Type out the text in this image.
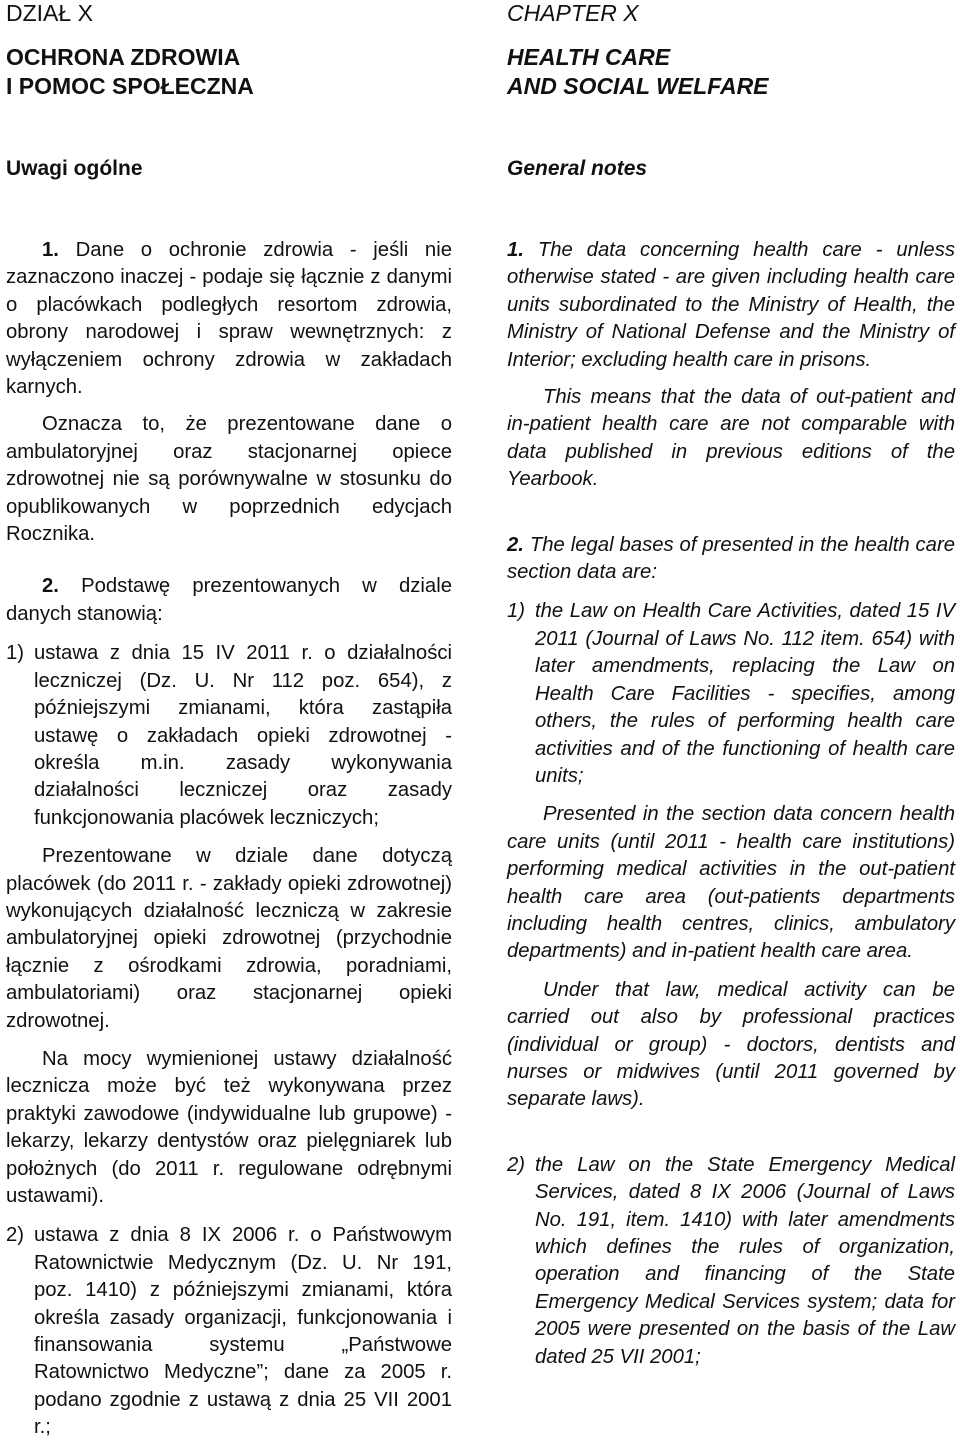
DZIAŁ X
OCHRONA ZDROWIA
I POMOC SPOŁECZNA
Uwagi ogólne

1. Dane o ochronie zdrowia - jeśli nie zaznaczono inaczej - podaje się łącznie z danymi o placówkach podległych resortom zdrowia, obrony narodowej i spraw wewnętrznych: z wyłączeniem ochrony zdrowia w zakładach karnych.

Oznacza to, że prezentowane dane o ambulatoryjnej oraz stacjonarnej opiece zdrowotnej nie są porównywalne w stosunku do opublikowanych w poprzednich edycjach Rocznika.

2. Podstawę prezentowanych w dziale danych stanowią:

1) ustawa z dnia 15 IV 2011 r. o działalności leczniczej (Dz. U. Nr 112 poz. 654), z późniejszymi zmianami, która zastąpiła ustawę o zakładach opieki zdrowotnej - określa m.in. zasady wykonywania działalności leczniczej oraz zasady funkcjonowania placówek leczniczych;

Prezentowane w dziale dane dotyczą placówek (do 2011 r. - zakłady opieki zdrowotnej) wykonujących działalność leczniczą w zakresie ambulatoryjnej opieki zdrowotnej (przychodnie łącznie z ośrodkami zdrowia, poradniami, ambulatoriami) oraz stacjonarnej opieki zdrowotnej.

Na mocy wymienionej ustawy działalność lecznicza może być też wykonywana przez praktyki zawodowe (indywidualne lub grupowe) - lekarzy, lekarzy dentystów oraz pielęgniarek lub położnych (do 2011 r. regulowane odrębnymi ustawami).

2) ustawa z dnia 8 IX 2006 r. o Państwowym Ratownictwie Medycznym (Dz. U. Nr 191, poz. 1410) z późniejszymi zmianami, która określa zasady organizacji, funkcjonowania i finansowania systemu „Państwowe Ratownictwo Medyczne”; dane za 2005 r. podano zgodnie z ustawą z dnia 25 VII 2001 r.;
CHAPTER X
HEALTH CARE
AND SOCIAL WELFARE
General notes

1. The data concerning health care - unless otherwise stated - are given including health care units subordinated to the Ministry of Health, the Ministry of National Defense and the Ministry of Interior; excluding health care in prisons.

This means that the data of out-patient and in-patient health care are not comparable with data published in previous editions of the Yearbook.

2. The legal bases of presented in the health care section data are:

1) the Law on Health Care Activities, dated 15 IV 2011 (Journal of Laws No. 112 item. 654) with later amendments, replacing the Law on Health Care Facilities - specifies, among others, the rules of performing health care activities and of the functioning of health care units;

Presented in the section data concern health care units (until 2011 - health care institutions) performing medical activities in the out-patient health care area (out-patients departments including health centres, clinics, ambulatory departments) and in-patient health care area.

Under that law, medical activity can be carried out also by professional practices (individual or group) - doctors, dentists and nurses or midwives (until 2011 governed by separate laws).

2) the Law on the State Emergency Medical Services, dated 8 IX 2006 (Journal of Laws No. 191, item. 1410) with later amendments which defines the rules of organization, operation and financing of the State Emergency Medical Services system; data for 2005 were presented on the basis of the Law dated 25 VII 2001;
